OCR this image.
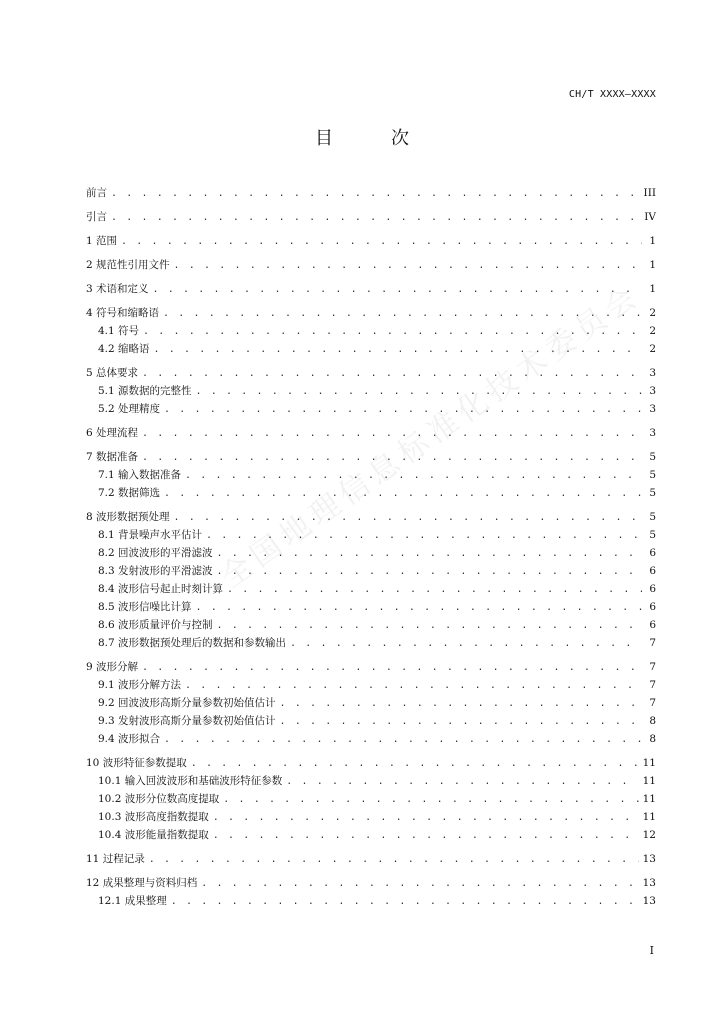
CH/T XXXX—XXXX
目　次
前言 . . .	III
引言 . . .	IV
1 范围 . . .	1
2 规范性引用文件 . . .	1
3 术语和定义 . . .	1
4 符号和缩略语 . . .	2
4.1 符号 . . .	2
4.2 缩略语 . . .	2
5 总体要求 . . .	3
5.1 源数据的完整性 . . .	3
5.2 处理精度 . . .	3
6 处理流程 . . .	3
7 数据准备 . . .	5
7.1 输入数据准备 . . .	5
7.2 数据筛选 . . .	5
8 波形数据预处理 . . .	5
8.1 背景噪声水平估计 . . .	5
8.2 回波波形的平滑滤波 . . .	6
8.3 发射波形的平滑滤波 . . .	6
8.4 波形信号起止时刻计算 . . .	6
8.5 波形信噪比计算 . . .	6
8.6 波形质量评价与控制 . . .	6
8.7 波形数据预处理后的数据和参数输出 . . .	7
9 波形分解 . . .	7
9.1 波形分解方法 . . .	7
9.2 回波波形高斯分量参数初始值估计 . . .	7
9.3 发射波形高斯分量参数初始值估计 . . .	8
9.4 波形拟合 . . .	8
10 波形特征参数提取 . . .	11
10.1 输入回波波形和基础波形特征参数 . . .	11
10.2 波形分位数高度提取 . . .	11
10.3 波形高度指数提取 . . .	11
10.4 波形能量指数提取 . . .	12
11 过程记录 . . .	13
12 成果整理与资料归档 . . .	13
12.1 成果整理 . . .	13
I
全国地理信息标准化技术委员会
